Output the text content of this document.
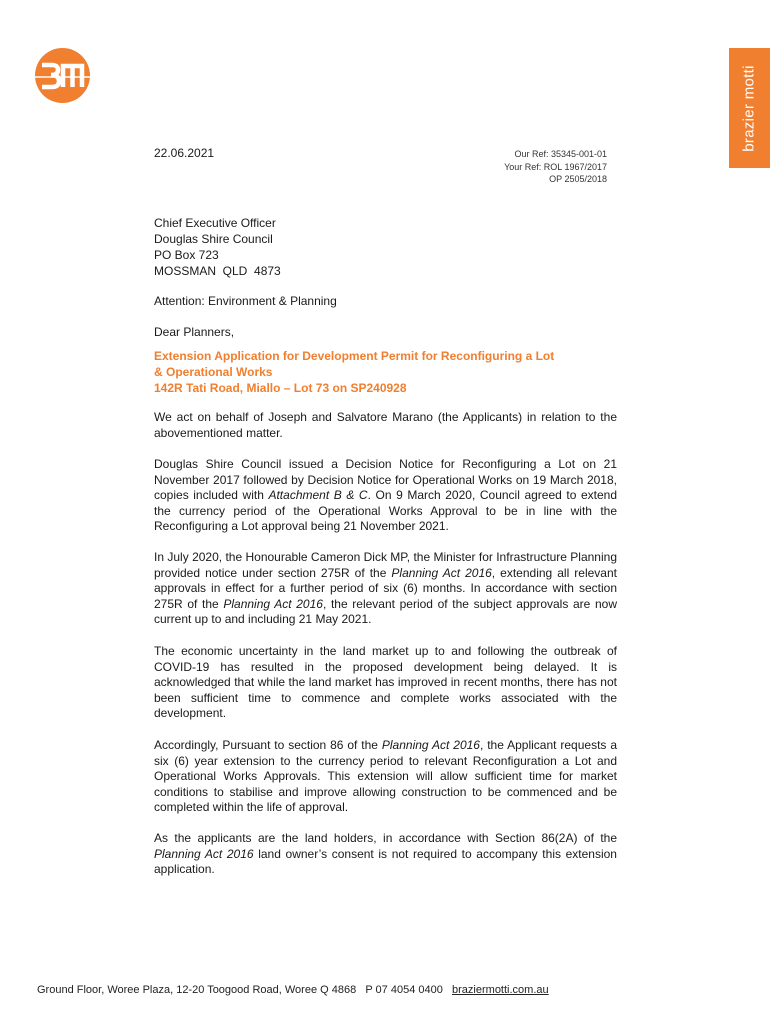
brazier motti
22.06.2021	Our Ref: 35345-001-01
Your Ref: ROL 1967/2017
OP 2505/2018
Chief Executive Officer
Douglas Shire Council
PO Box 723
MOSSMAN  QLD  4873
Attention: Environment & Planning
Dear Planners,
Extension Application for Development Permit for Reconfiguring a Lot
& Operational Works
142R Tati Road, Miallo – Lot 73 on SP240928

We act on behalf of Joseph and Salvatore Marano (the Applicants) in relation to the abovementioned matter.

Douglas Shire Council issued a Decision Notice for Reconfiguring a Lot on 21 November 2017 followed by Decision Notice for Operational Works on 19 March 2018, copies included with Attachment B & C. On 9 March 2020, Council agreed to extend the currency period of the Operational Works Approval to be in line with the Reconfiguring a Lot approval being 21 November 2021.

In July 2020, the Honourable Cameron Dick MP, the Minister for Infrastructure Planning provided notice under section 275R of the Planning Act 2016, extending all relevant approvals in effect for a further period of six (6) months. In accordance with section 275R of the Planning Act 2016, the relevant period of the subject approvals are now current up to and including 21 May 2021.

The economic uncertainty in the land market up to and following the outbreak of COVID-19 has resulted in the proposed development being delayed. It is acknowledged that while the land market has improved in recent months, there has not been sufficient time to commence and complete works associated with the development.

Accordingly, Pursuant to section 86 of the Planning Act 2016, the Applicant requests a six (6) year extension to the currency period to relevant Reconfiguration a Lot and Operational Works Approvals. This extension will allow sufficient time for market conditions to stabilise and improve allowing construction to be commenced and be completed within the life of approval.

As the applicants are the land holders, in accordance with Section 86(2A) of the Planning Act 2016 land owner’s consent is not required to accompany this extension application.

Ground Floor, Woree Plaza, 12-20 Toogood Road, Woree Q 4868   P 07 4054 0400   braziermotti.com.au
